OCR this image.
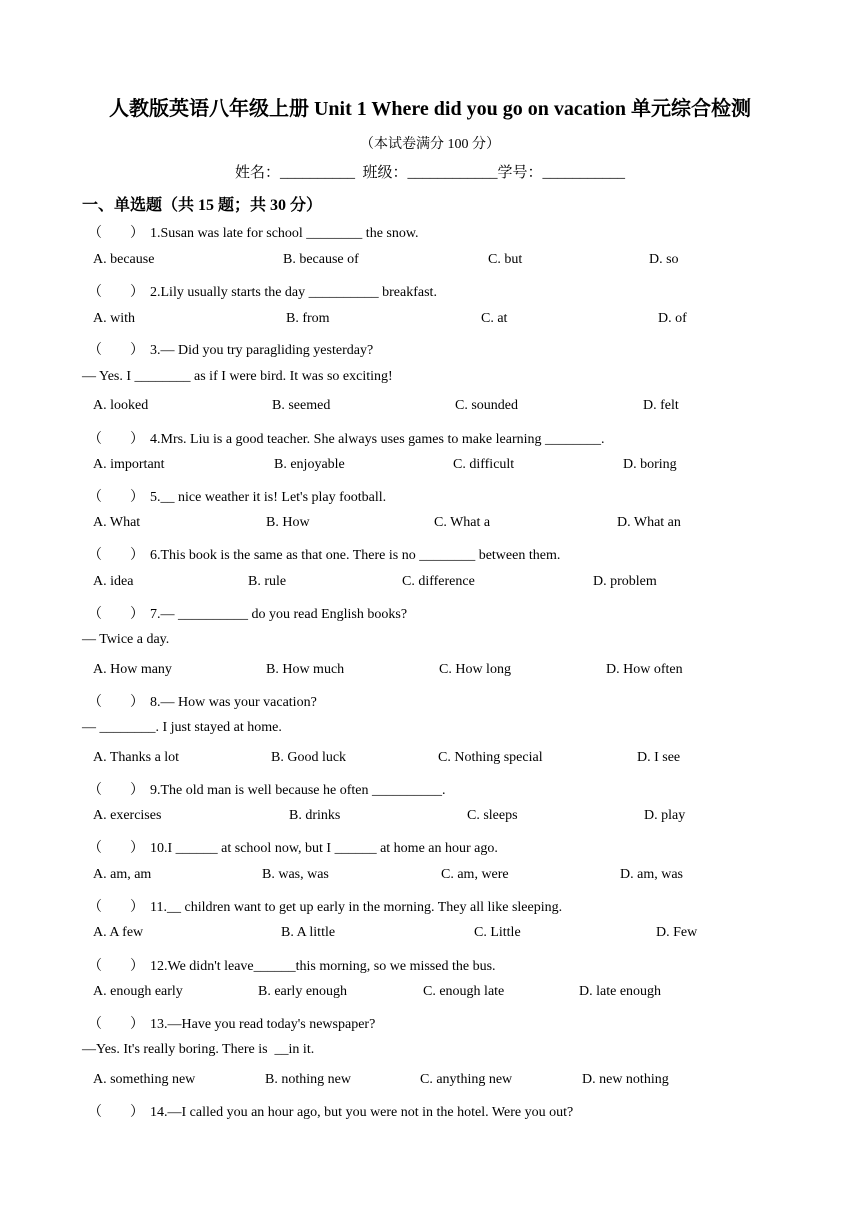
人教版英语八年级上册 Unit 1 Where did you go on vacation 单元综合检测
（本试卷满分 100 分）
姓名：__________  班级：____________学号：___________
一、单选题（共 15 题；共 30 分）
（        ） 1.Susan was late for school ________ the snow.
A. because	B. because of	C. but	D. so
（        ） 2.Lily usually starts the day __________ breakfast.
A. with	B. from	C. at	D. of
（        ） 3.— Did you try paragliding yesterday?
— Yes. I ________ as if I were bird. It was so exciting!
A. looked	B. seemed	C. sounded	D. felt
（        ） 4.Mrs. Liu is a good teacher. She always uses games to make learning ________.
A. important	B. enjoyable	C. difficult	D. boring
（        ） 5.__ nice weather it is! Let's play football.
A. What	B. How	C. What a	D. What an
（        ） 6.This book is the same as that one. There is no ________ between them.
A. idea	B. rule	C. difference	D. problem
（        ） 7.— __________ do you read English books?
— Twice a day.
A. How many	B. How much	C. How long	D. How often
（        ） 8.— How was your vacation?
— ________. I just stayed at home.
A. Thanks a lot	B. Good luck	C. Nothing special	D. I see
（        ） 9.The old man is well because he often __________.
A. exercises	B. drinks	C. sleeps	D. play
（        ） 10.I ______ at school now, but I ______ at home an hour ago.
A. am, am	B. was, was	C. am, were	D. am, was
（        ） 11.__ children want to get up early in the morning. They all like sleeping.
A. A few	B. A little	C. Little	D. Few
（        ） 12.We didn't leave______this morning, so we missed the bus.
A. enough early	B. early enough	C. enough late	D. late enough
（        ） 13.—Have you read today's newspaper?
—Yes. It's really boring. There is  __in it.
A. something new	B. nothing new	C. anything new	D. new nothing
（        ） 14.—I called you an hour ago, but you were not in the hotel. Were you out?
